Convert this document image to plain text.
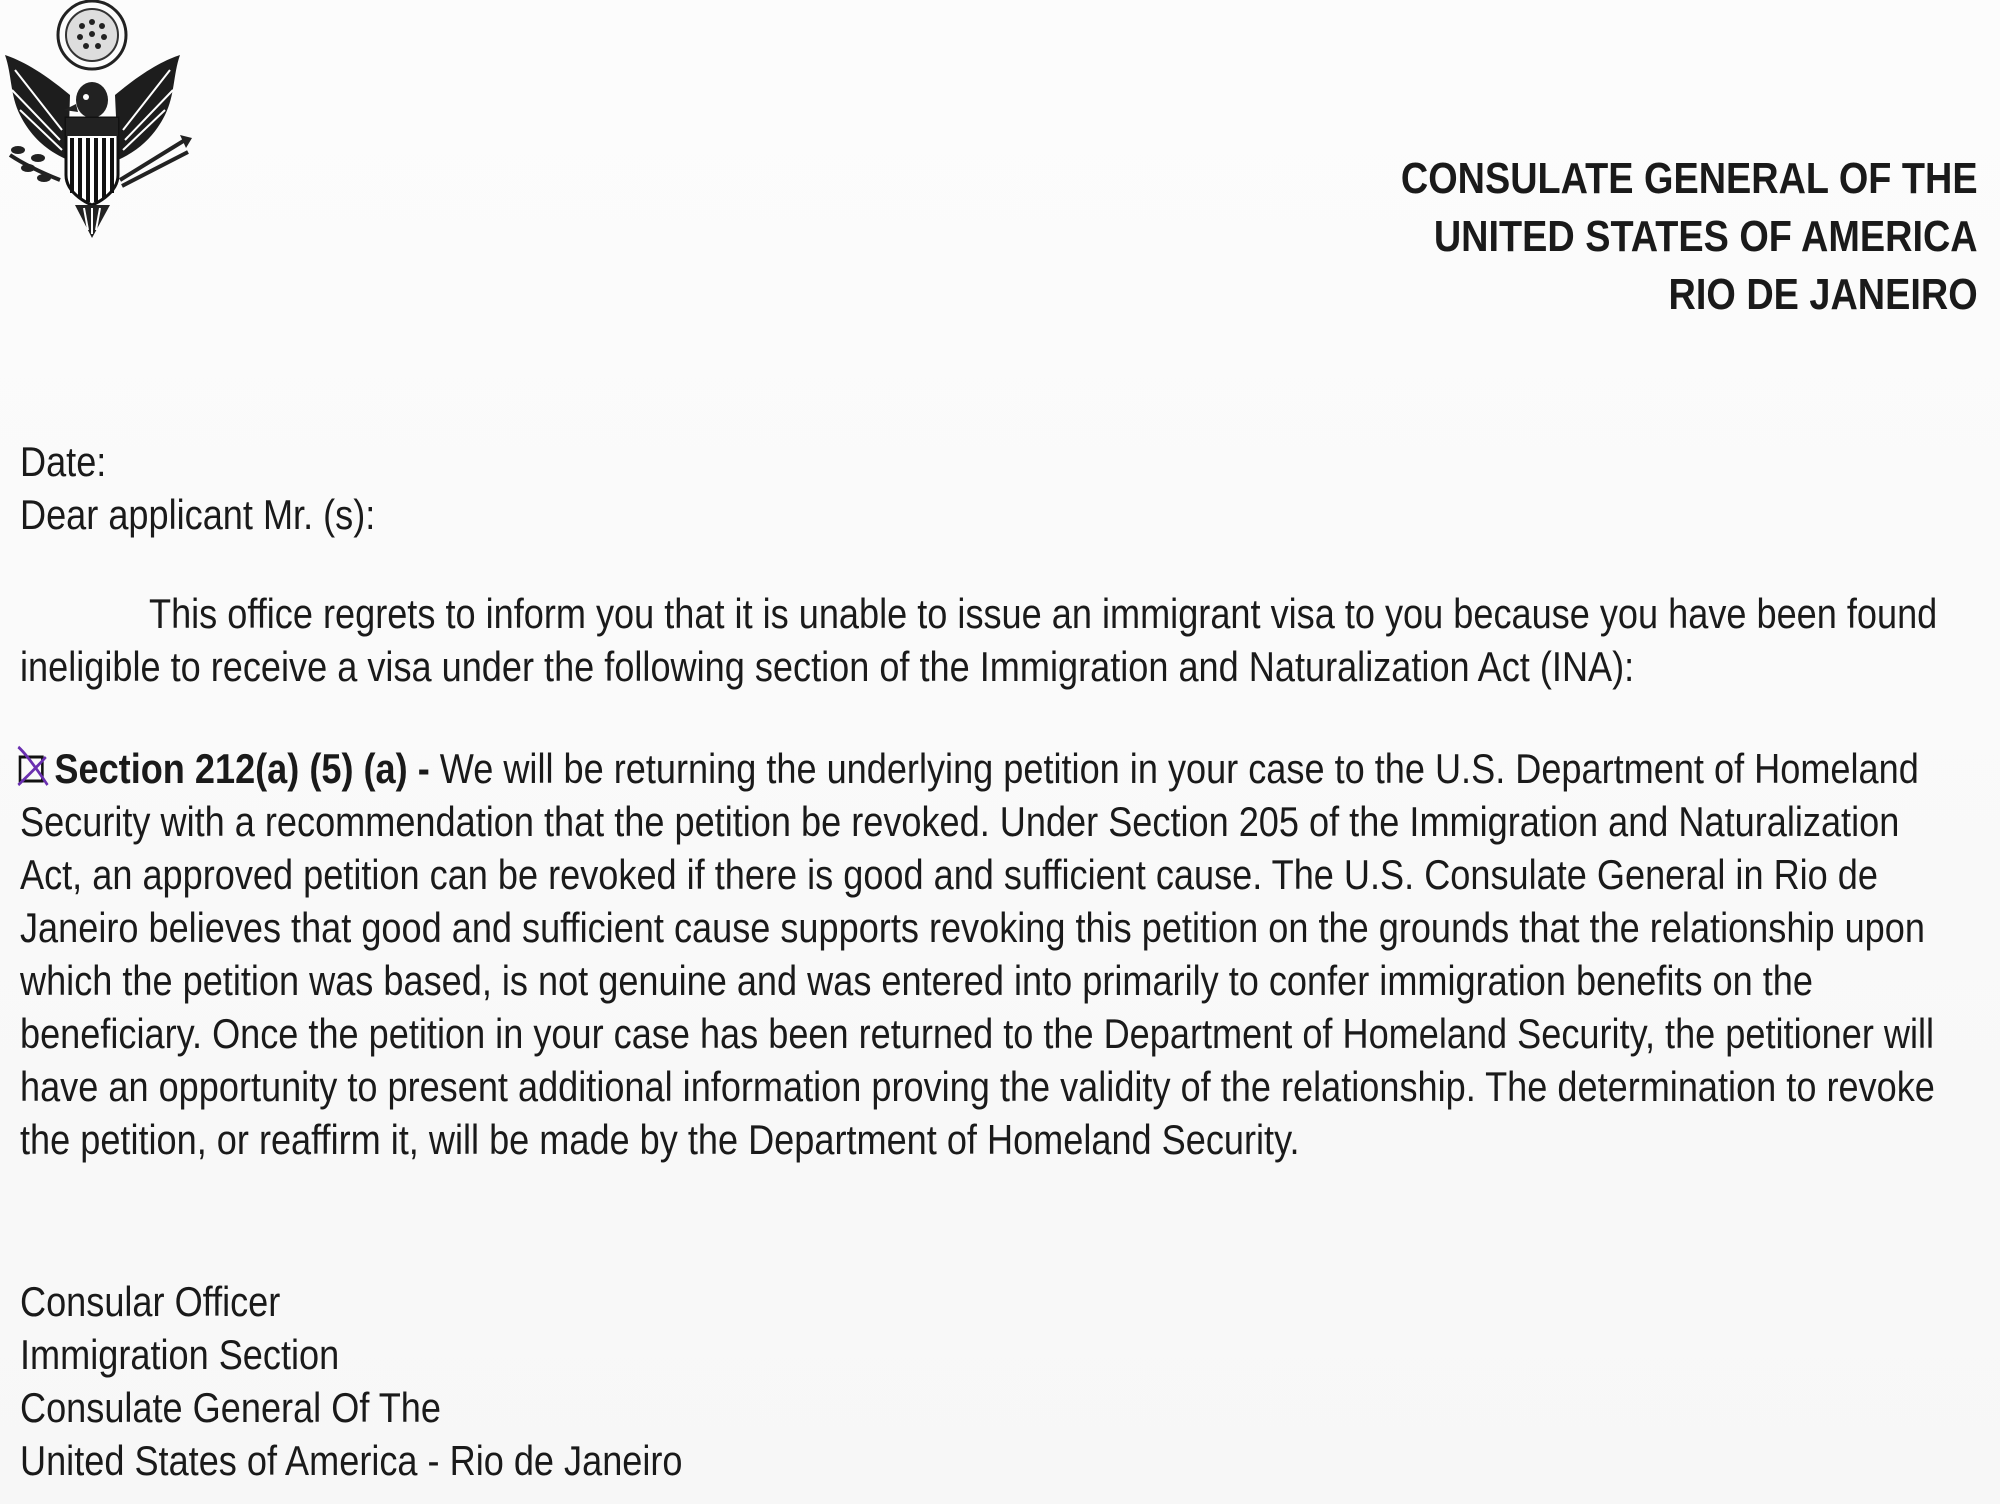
CONSULATE GENERAL OF THE
UNITED STATES OF AMERICA
RIO DE JANEIRO
Date:
Dear applicant Mr. (s):

This office regrets to inform you that it is unable to issue an immigrant visa to you because you have been found ineligible to receive a visa under the following section of the Immigration and Naturalization Act (INA):

Section 212(a) (5) (a) - We will be returning the underlying petition in your case to the U.S. Department of Homeland Security with a recommendation that the petition be revoked. Under Section 205 of the Immigration and Naturalization Act, an approved petition can be revoked if there is good and sufficient cause. The U.S. Consulate General in Rio de Janeiro believes that good and sufficient cause supports revoking this petition on the grounds that the relationship upon which the petition was based, is not genuine and was entered into primarily to confer immigration benefits on the beneficiary. Once the petition in your case has been returned to the Department of Homeland Security, the petitioner will have an opportunity to present additional information proving the validity of the relationship. The determination to revoke the petition, or reaffirm it, will be made by the Department of Homeland Security.

Consular Officer
Immigration Section
Consulate General Of The
United States of America - Rio de Janeiro
